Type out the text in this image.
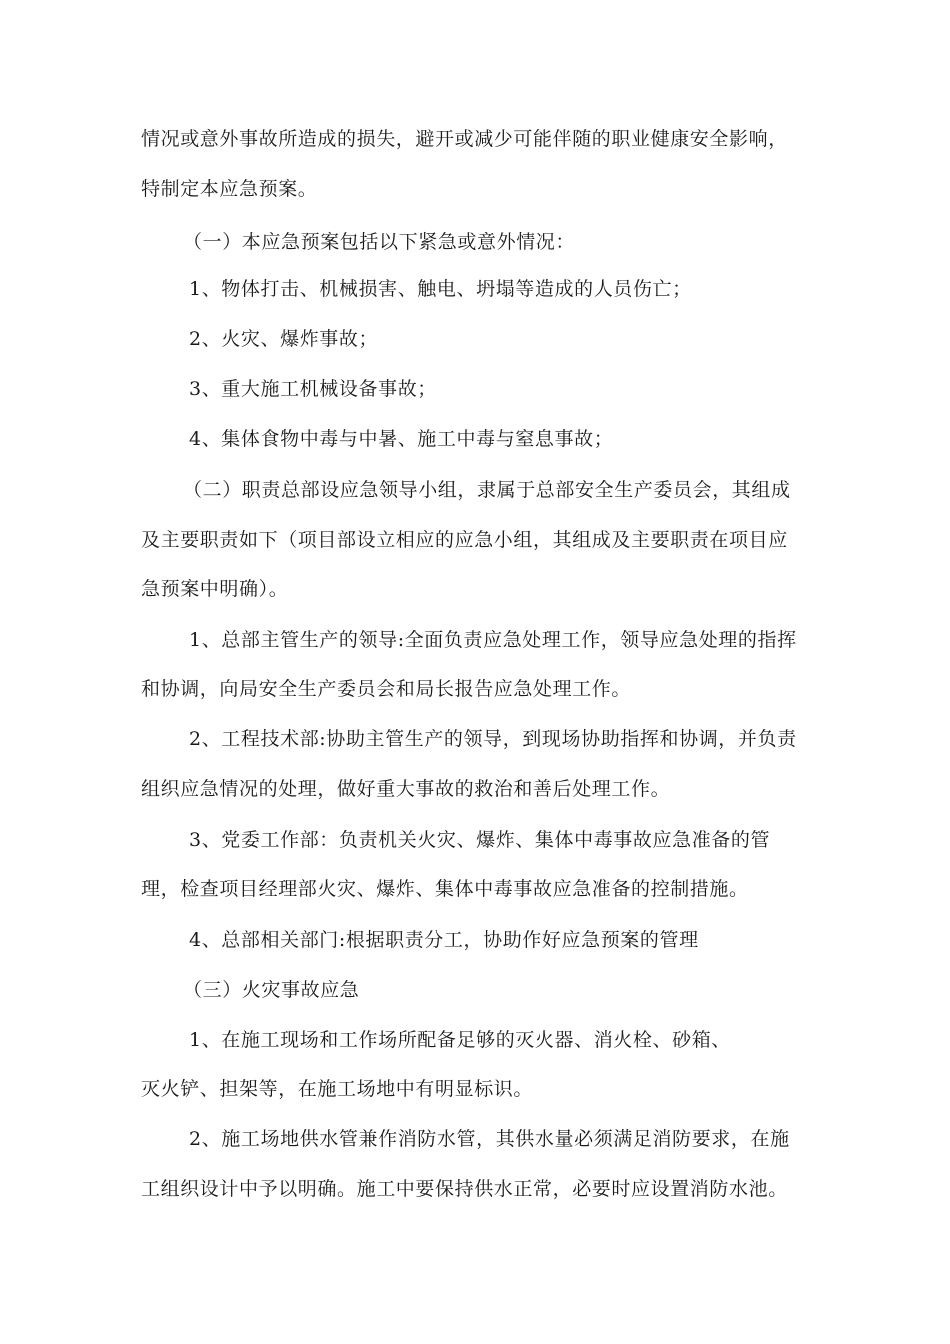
情况或意外事故所造成的损失，避开或减少可能伴随的职业健康安全影响，
特制定本应急预案。
（一）本应急预案包括以下紧急或意外情况：
1、物体打击、机械损害、触电、坍塌等造成的人员伤亡；
2、火灾、爆炸事故；
3、重大施工机械设备事故；
4、集体食物中毒与中暑、施工中毒与窒息事故；
（二）职责总部设应急领导小组，隶属于总部安全生产委员会，其组成
及主要职责如下（项目部设立相应的应急小组，其组成及主要职责在项目应
急预案中明确）。
1、总部主管生产的领导:全面负责应急处理工作，领导应急处理的指挥
和协调，向局安全生产委员会和局长报告应急处理工作。
2、工程技术部:协助主管生产的领导，到现场协助指挥和协调，并负责
组织应急情况的处理，做好重大事故的救治和善后处理工作。
3、党委工作部：负责机关火灾、爆炸、集体中毒事故应急准备的管
理，检查项目经理部火灾、爆炸、集体中毒事故应急准备的控制措施。
4、总部相关部门:根据职责分工，协助作好应急预案的管理
（三）火灾事故应急
1、在施工现场和工作场所配备足够的灭火器、消火栓、砂箱、
灭火铲、担架等，在施工场地中有明显标识。
2、施工场地供水管兼作消防水管，其供水量必须满足消防要求，在施
工组织设计中予以明确。施工中要保持供水正常，必要时应设置消防水池。
